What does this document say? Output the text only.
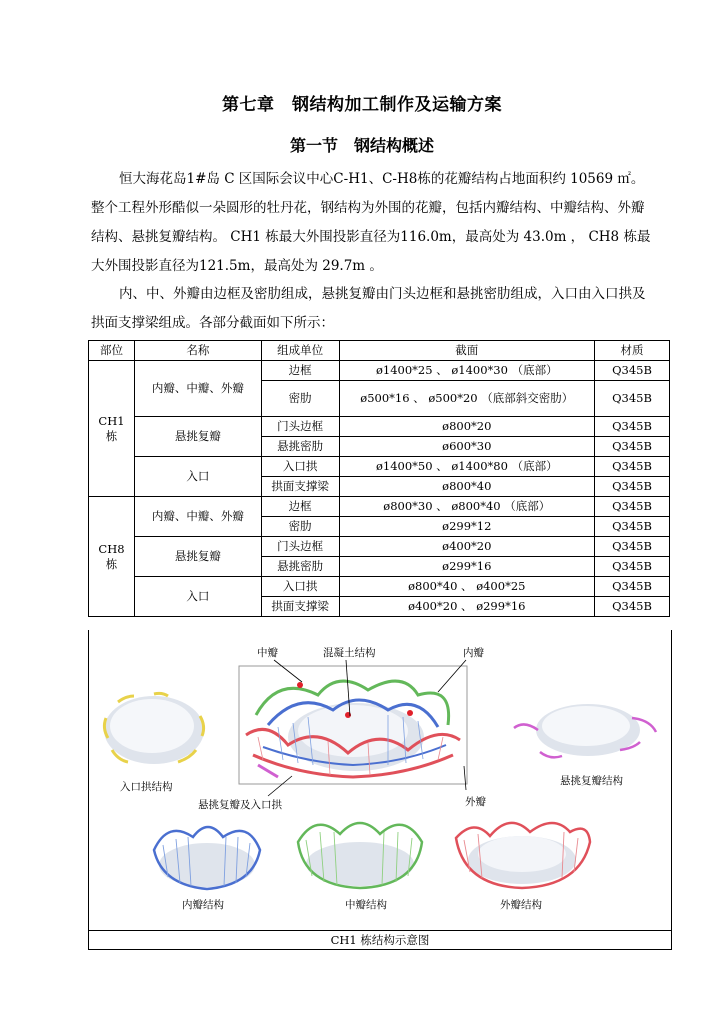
第七章　钢结构加工制作及运输方案
第一节　钢结构概述

恒大海花岛1#岛 C 区国际会议中心C-H1、C-H8栋的花瓣结构占地面积约 10569 ㎡。整个工程外形酷似一朵圆形的牡丹花，钢结构为外围的花瓣，包括内瓣结构、中瓣结构、外瓣结构、悬挑复瓣结构。 CH1 栋最大外围投影直径为116.0m，最高处为 43.0m ， CH8 栋最大外围投影直径为121.5m，最高处为 29.7m 。

内、中、外瓣由边框及密肋组成，悬挑复瓣由门头边框和悬挑密肋组成，入口由入口拱及拱面支撑梁组成。各部分截面如下所示：

部位	名称	组成单位	截面	材质
CH1 栋	内瓣、中瓣、外瓣	边框	ø1400*25 、 ø1400*30 （底部）	Q345B
		密肋	ø500*16 、 ø500*20 （底部斜交密肋）	Q345B
	悬挑复瓣	门头边框	ø800*20	Q345B
		悬挑密肋	ø600*30	Q345B
	入口	入口拱	ø1400*50 、 ø1400*80 （底部）	Q345B
		拱面支撑梁	ø800*40	Q345B
CH8 栋	内瓣、中瓣、外瓣	边框	ø800*30 、 ø800*40 （底部）	Q345B
		密肋	ø299*12	Q345B
	悬挑复瓣	门头边框	ø400*20	Q345B
		悬挑密肋	ø299*16	Q345B
	入口	入口拱	ø800*40 、 ø400*25	Q345B
		拱面支撑梁	ø400*20 、 ø299*16	Q345B
中瓣	混凝土结构	内瓣
入口拱结构	悬挑复瓣结构
悬挑复瓣及入口拱	外瓣
内瓣结构	中瓣结构	外瓣结构
CH1 栋结构示意图
